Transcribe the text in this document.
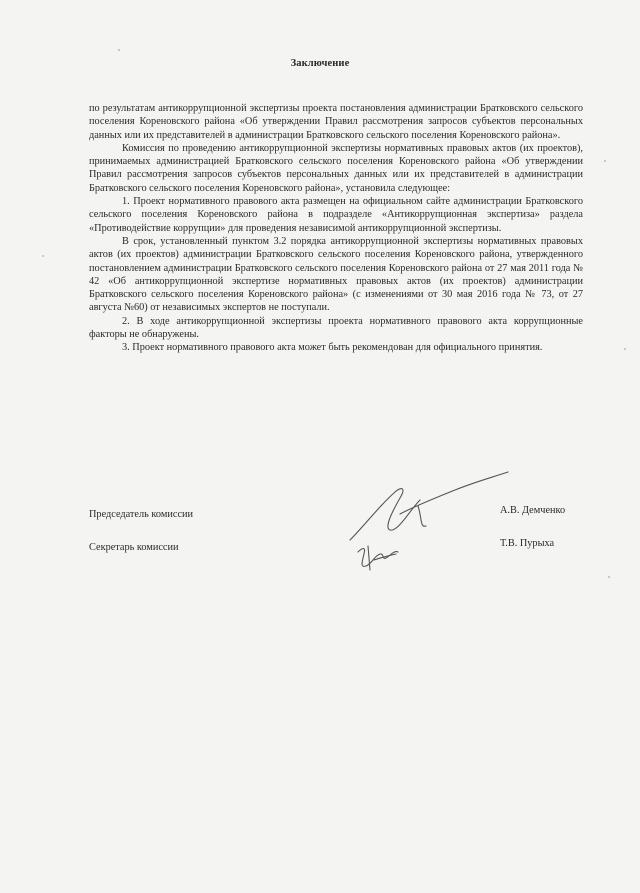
Заключение

по результатам антикоррупционной экспертизы проекта постановления администрации Братковского сельского поселения Кореновского района «Об утверждении Правил рассмотрения запросов субъектов персональных данных или их представителей в администрации Братковского сельского поселения Кореновского района».

Комиссия по проведению антикоррупционной экспертизы нормативных правовых актов (их проектов), принимаемых администрацией Братковского сельского поселения Кореновского района «Об утверждении Правил рассмотрения запросов субъектов персональных данных или их представителей в администрации Братковского сельского поселения Кореновского района», установила следующее:

1. Проект нормативного правового акта размещен на официальном сайте администрации Братковского сельского поселения Кореновского района в подразделе «Антикоррупционная экспертиза» раздела «Противодействие коррупции» для проведения независимой антикоррупционной экспертизы.

В срок, установленный пунктом 3.2 порядка антикоррупционной экспертизы нормативных правовых актов (их проектов) администрации Братковского сельского поселения Кореновского района, утвержденного постановлением администрации Братковского сельского поселения Кореновского района от 27 мая 2011 года № 42 «Об антикоррупционной экспертизе нормативных правовых актов (их проектов) администрации Братковского сельского поселения Кореновского района» (с изменениями от 30 мая 2016 года № 73, от 27 августа №60) от независимых экспертов не поступали.

2. В ходе антикоррупционной экспертизы проекта нормативного правового акта коррупционные факторы не обнаружены.

3. Проект нормативного правового акта может быть рекомендован для официального принятия.

Председатель комиссии	А.В. Демченко
Секретарь комиссии	Т.В. Пурыха
